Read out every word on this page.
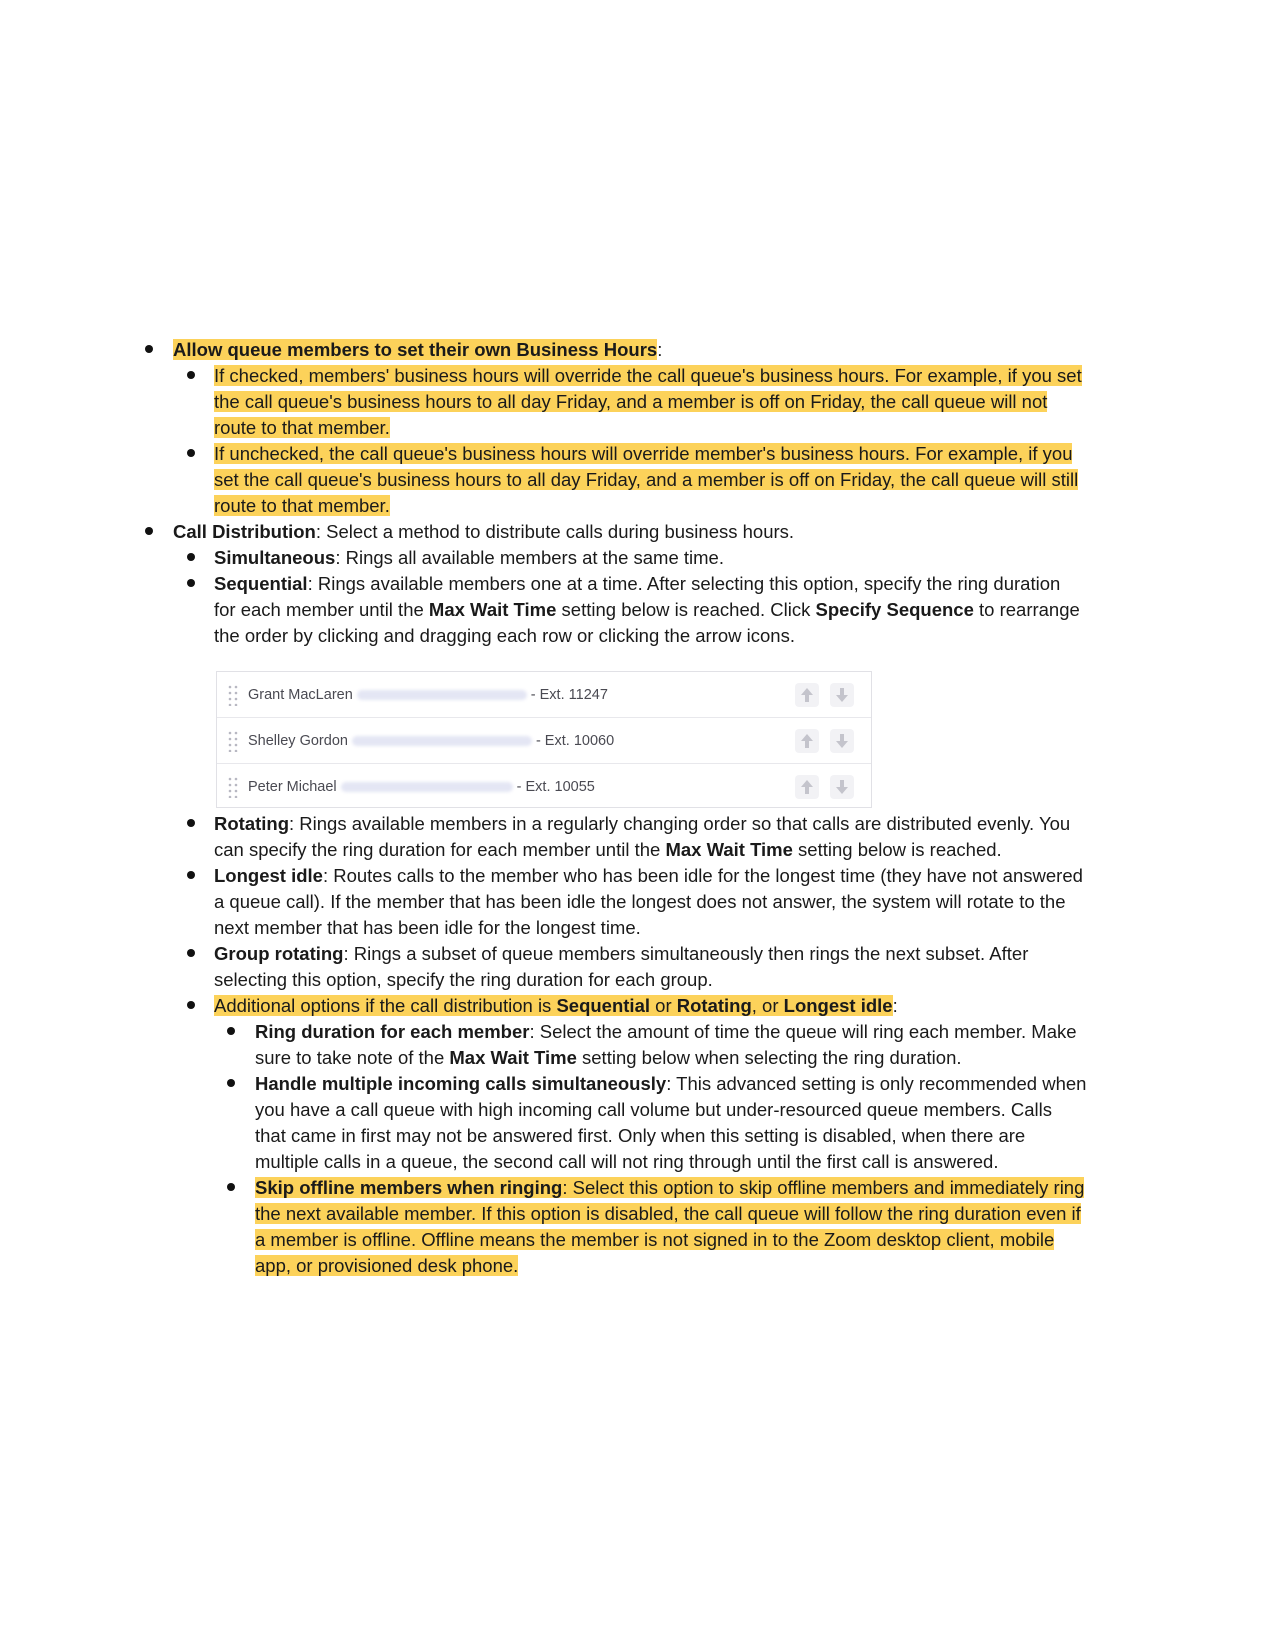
Allow queue members to set their own Business Hours:
If checked, members' business hours will override the call queue's business hours. For example, if you set
the call queue's business hours to all day Friday, and a member is off on Friday, the call queue will not
route to that member.
If unchecked, the call queue's business hours will override member's business hours. For example, if you
set the call queue's business hours to all day Friday, and a member is off on Friday, the call queue will still
route to that member.
Call Distribution: Select a method to distribute calls during business hours.
Simultaneous: Rings all available members at the same time.
Sequential: Rings available members one at a time. After selecting this option, specify the ring duration
for each member until the Max Wait Time setting below is reached. Click Specify Sequence to rearrange
the order by clicking and dragging each row or clicking the arrow icons.
Grant MacLaren	- Ext. 11247
Shelley Gordon	- Ext. 10060
Peter Michael	- Ext. 10055
Rotating: Rings available members in a regularly changing order so that calls are distributed evenly. You
can specify the ring duration for each member until the Max Wait Time setting below is reached.
Longest idle: Routes calls to the member who has been idle for the longest time (they have not answered
a queue call). If the member that has been idle the longest does not answer, the system will rotate to the
next member that has been idle for the longest time.
Group rotating: Rings a subset of queue members simultaneously then rings the next subset. After
selecting this option, specify the ring duration for each group.
Additional options if the call distribution is Sequential or Rotating, or Longest idle:
Ring duration for each member: Select the amount of time the queue will ring each member. Make
sure to take note of the Max Wait Time setting below when selecting the ring duration.
Handle multiple incoming calls simultaneously: This advanced setting is only recommended when
you have a call queue with high incoming call volume but under-resourced queue members. Calls
that came in first may not be answered first. Only when this setting is disabled, when there are
multiple calls in a queue, the second call will not ring through until the first call is answered.
Skip offline members when ringing: Select this option to skip offline members and immediately ring
the next available member. If this option is disabled, the call queue will follow the ring duration even if
a member is offline. Offline means the member is not signed in to the Zoom desktop client, mobile
app, or provisioned desk phone.
